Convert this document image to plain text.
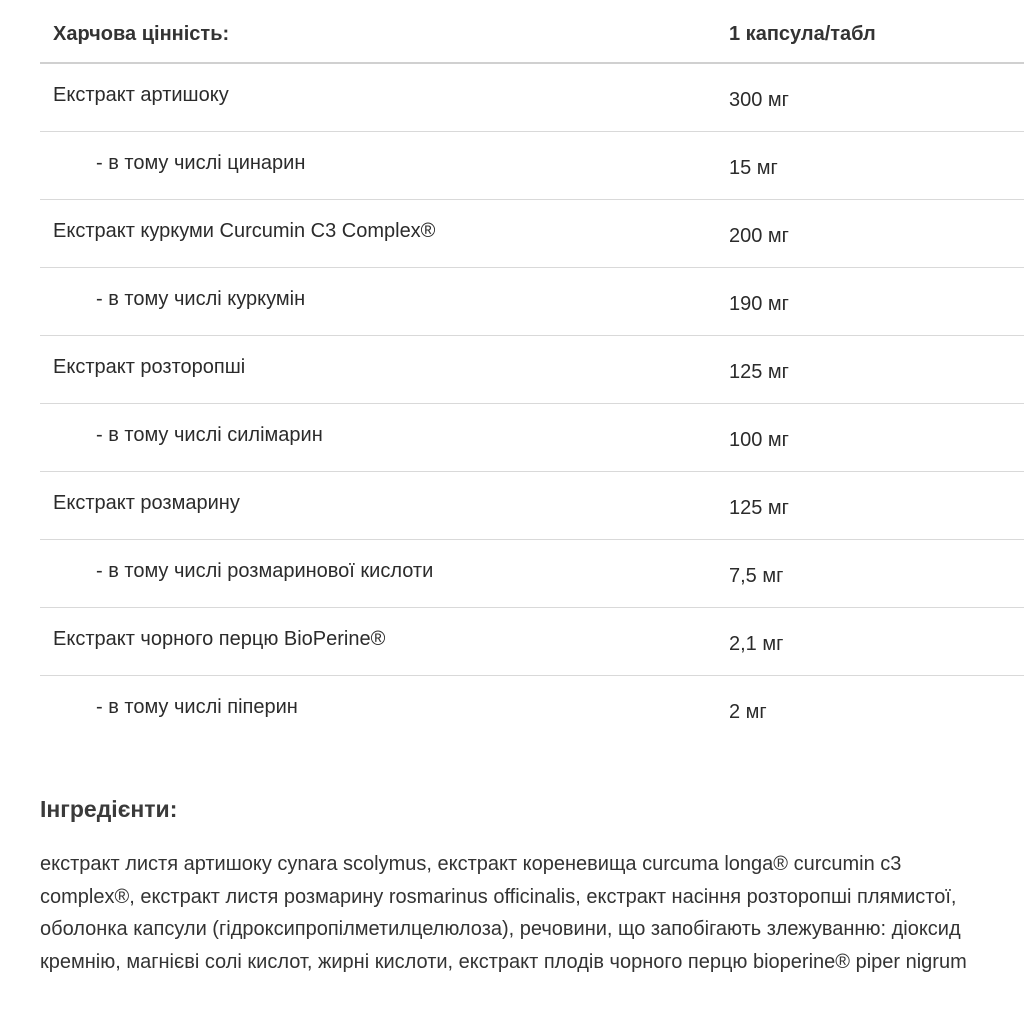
Харчова цінність:	1 капсула/табл
Екстракт артишоку	300 мг
- в тому числі цинарин	15 мг
Екстракт куркуми Curcumin C3 Complex®	200 мг
- в тому числі куркумін	190 мг
Екстракт розторопші	125 мг
- в тому числі силімарин	100 мг
Екстракт розмарину	125 мг
- в тому числі розмаринової кислоти	7,5 мг
Екстракт чорного перцю BioPerine®	2,1 мг
- в тому числі піперин	2 мг
Інгредієнти:
екстракт листя артишоку cynara scolymus, екстракт кореневища curcuma longa® curcumin c3 complex®, екстракт листя розмарину rosmarinus officinalis, екстракт насіння розторопші плямистої, оболонка капсули (гідроксипропілметилцелюлоза), речовини, що запобігають злежуванню: діоксид кремнію, магнієві солі кислот, жирні кислоти, екстракт плодів чорного перцю bioperine® piper nigrum
